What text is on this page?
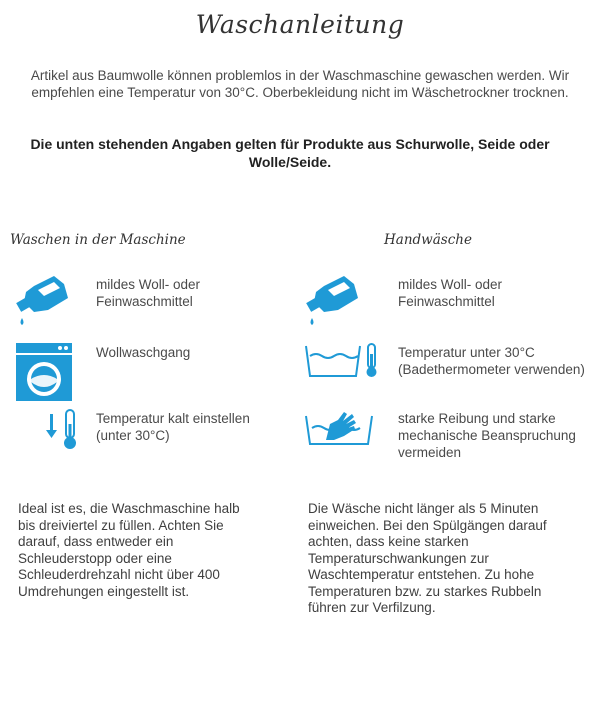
Waschanleitung
Artikel aus Baumwolle können problemlos in der Waschmaschine gewaschen werden. Wir empfehlen eine Temperatur von 30°C. Oberbekleidung nicht im Wäschetrockner trocknen.
Die unten stehenden Angaben gelten für Produkte aus Schurwolle, Seide oder Wolle/Seide.
Waschen in der Maschine
mildes Woll- oder Feinwaschmittel
Wollwaschgang
Temperatur kalt einstellen (unter 30°C)
Ideal ist es, die Waschmaschine halb bis dreiviertel zu füllen. Achten Sie darauf, dass entweder ein Schleuderstopp oder eine Schleuderdrehzahl nicht über 400 Umdrehungen eingestellt ist.
Handwäsche
mildes Woll- oder Feinwaschmittel
Temperatur unter 30°C (Badethermometer verwenden)
starke Reibung und starke mechanische Beanspruchung vermeiden
Die Wäsche nicht länger als 5 Minuten einweichen. Bei den Spülgängen darauf achten, dass keine starken Temperaturschwankungen zur Waschtemperatur entstehen. Zu hohe Temperaturen bzw. zu starkes Rubbeln führen zur Verfilzung.
